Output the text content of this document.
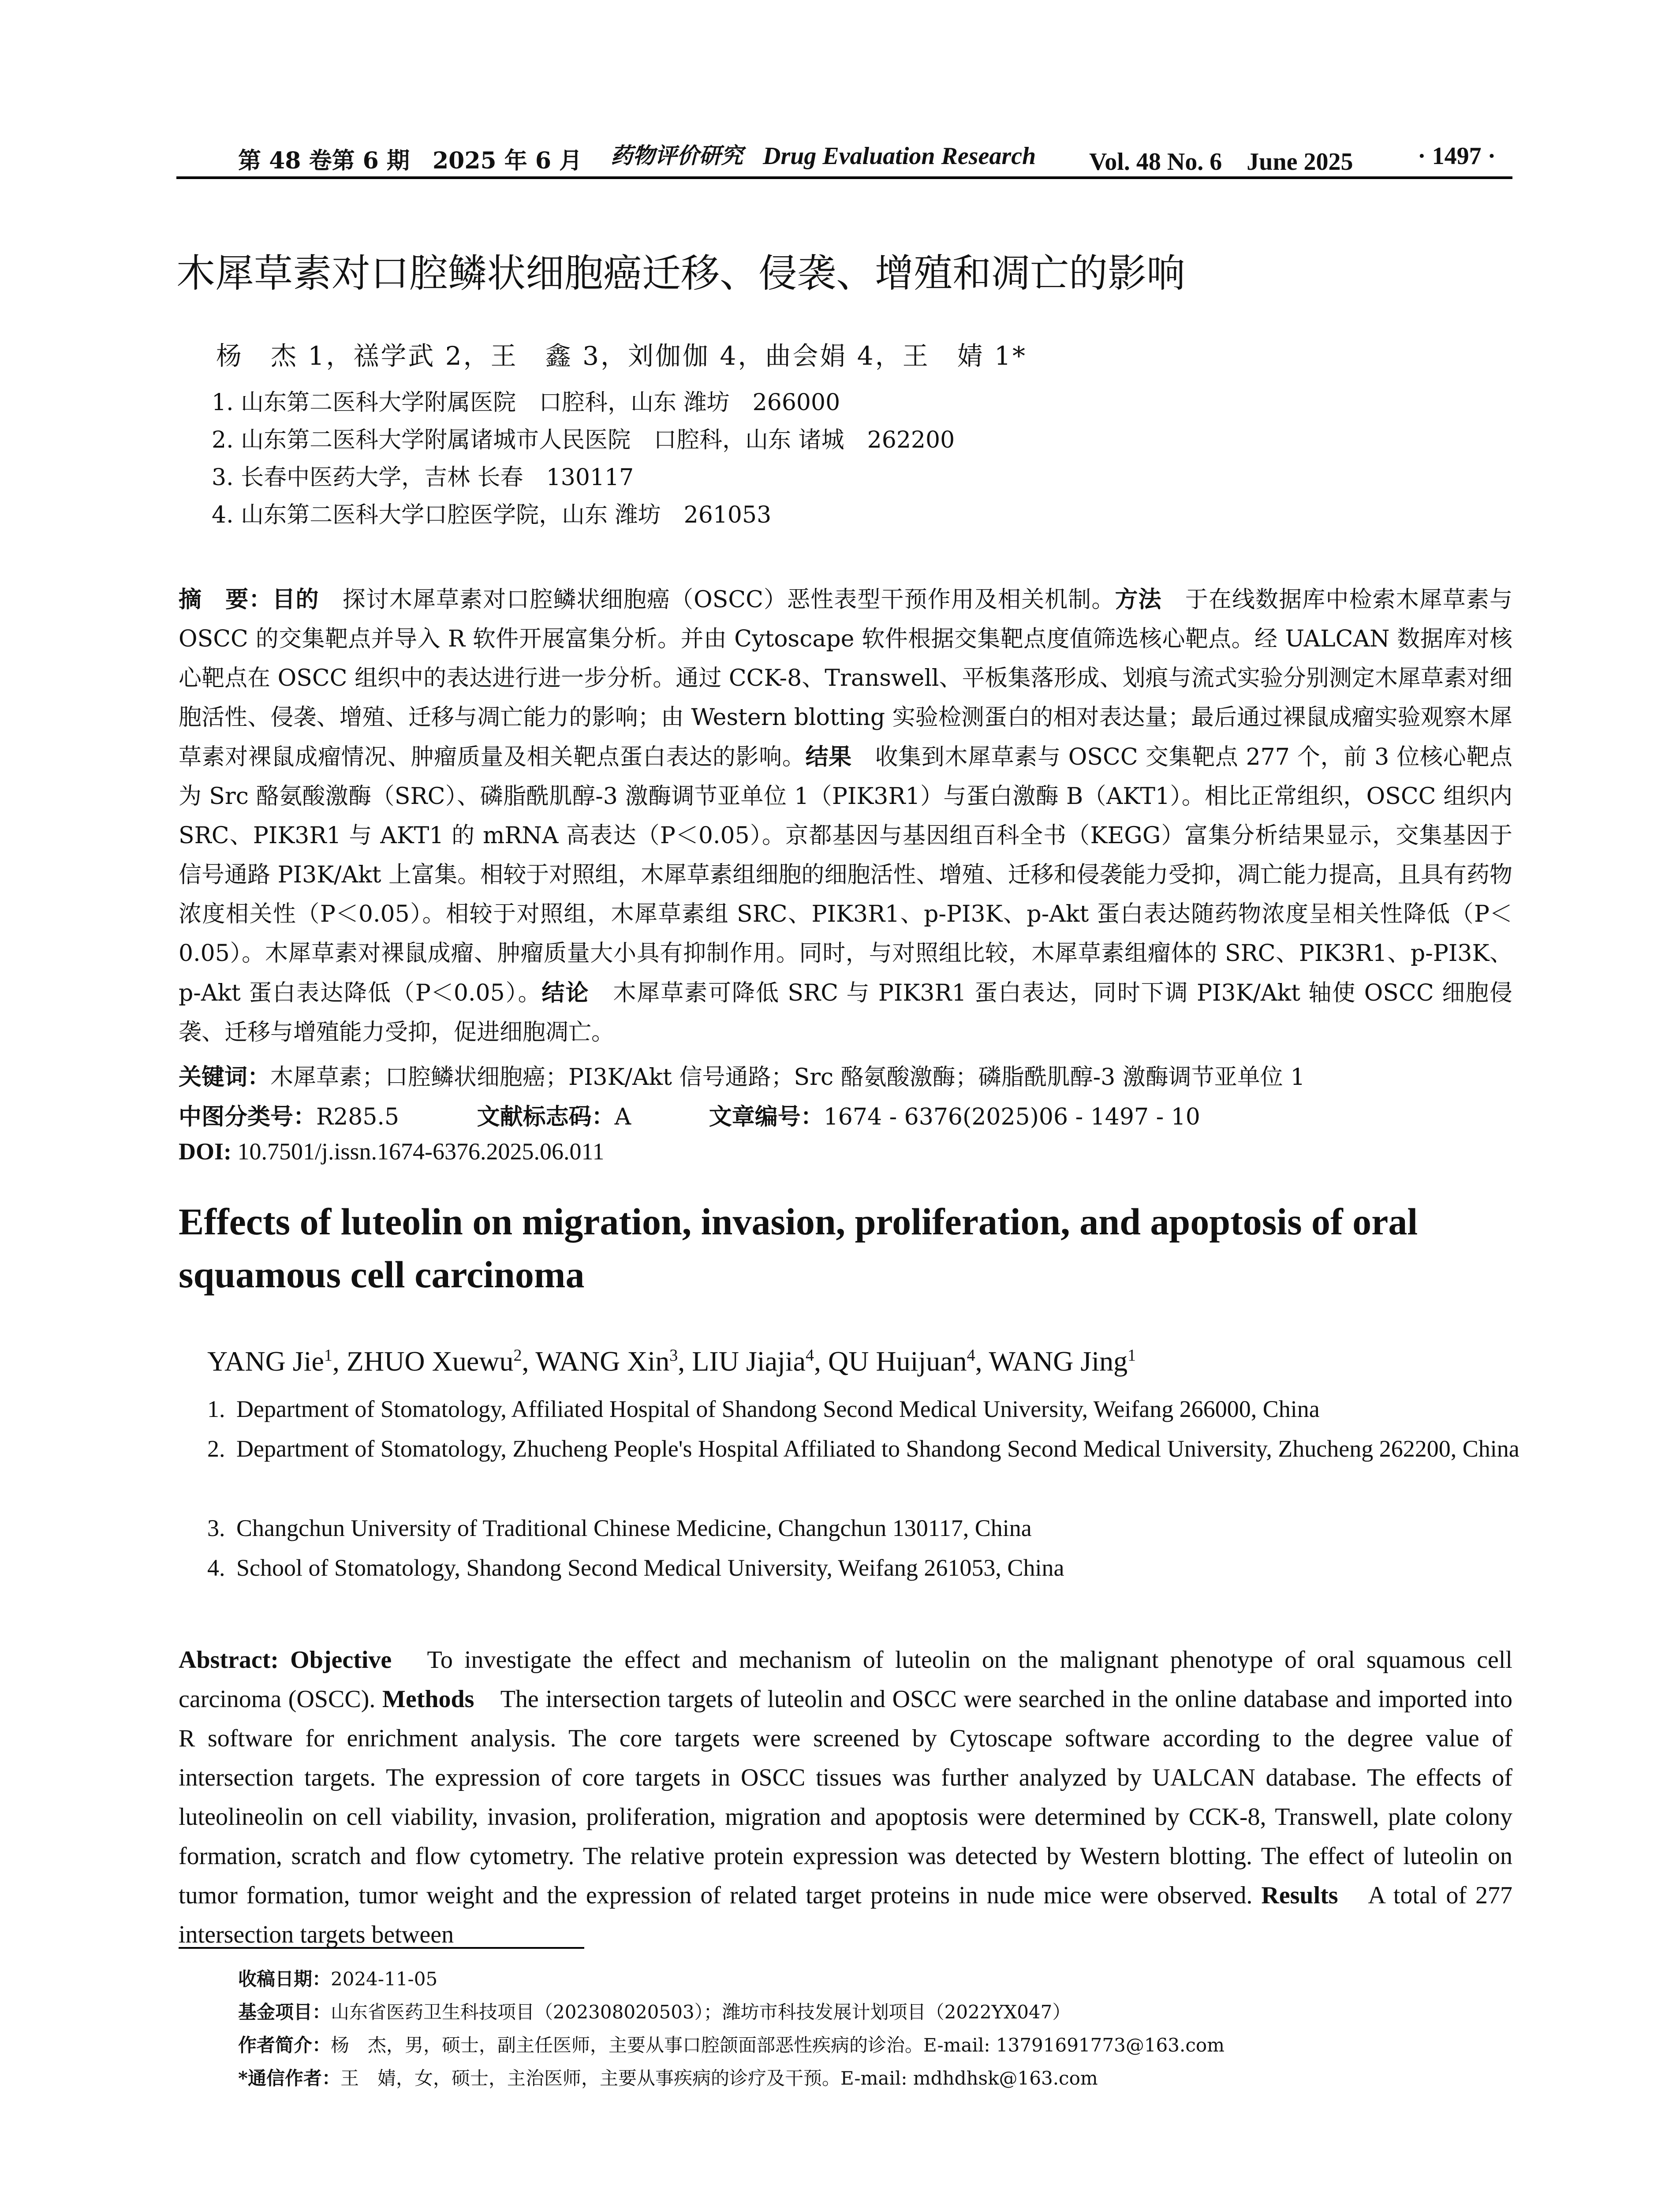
第 48 卷第 6 期　2025 年 6 月 药物评价研究 Drug Evaluation Research Vol. 48 No. 6　June 2025	· 1497 ·
木犀草素对口腔鳞状细胞癌迁移、侵袭、增殖和凋亡的影响
杨　杰 1，禚学武 2，王　鑫 3，刘伽伽 4，曲会娟 4，王　婧 1*
1. 山东第二医科大学附属医院　口腔科，山东 潍坊　266000
2. 山东第二医科大学附属诸城市人民医院　口腔科，山东 诸城　262200
3. 长春中医药大学，吉林 长春　130117
4. 山东第二医科大学口腔医学院，山东 潍坊　261053
摘　要：目的　探讨木犀草素对口腔鳞状细胞癌（OSCC）恶性表型干预作用及相关机制。方法　于在线数据库中检索木犀草素与 OSCC 的交集靶点并导入 R 软件开展富集分析。并由 Cytoscape 软件根据交集靶点度值筛选核心靶点。经 UALCAN 数据库对核心靶点在 OSCC 组织中的表达进行进一步分析。通过 CCK-8、Transwell、平板集落形成、划痕与流式实验分别测定木犀草素对细胞活性、侵袭、增殖、迁移与凋亡能力的影响；由 Western blotting 实验检测蛋白的相对表达量；最后通过裸鼠成瘤实验观察木犀草素对裸鼠成瘤情况、肿瘤质量及相关靶点蛋白表达的影响。结果　收集到木犀草素与 OSCC 交集靶点 277 个，前 3 位核心靶点为 Src 酪氨酸激酶（SRC）、磷脂酰肌醇-3 激酶调节亚单位 1（PIK3R1）与蛋白激酶 B（AKT1）。相比正常组织，OSCC 组织内 SRC、PIK3R1 与 AKT1 的 mRNA 高表达（P＜0.05）。京都基因与基因组百科全书（KEGG）富集分析结果显示，交集基因于信号通路 PI3K/Akt 上富集。相较于对照组，木犀草素组细胞的细胞活性、增殖、迁移和侵袭能力受抑，凋亡能力提高，且具有药物浓度相关性（P＜0.05）。相较于对照组，木犀草素组 SRC、PIK3R1、p-PI3K、p-Akt 蛋白表达随药物浓度呈相关性降低（P＜0.05）。木犀草素对裸鼠成瘤、肿瘤质量大小具有抑制作用。同时，与对照组比较，木犀草素组瘤体的 SRC、PIK3R1、p-PI3K、p-Akt 蛋白表达降低（P＜0.05）。结论　木犀草素可降低 SRC 与 PIK3R1 蛋白表达，同时下调 PI3K/Akt 轴使 OSCC 细胞侵袭、迁移与增殖能力受抑，促进细胞凋亡。
关键词：木犀草素；口腔鳞状细胞癌；PI3K/Akt 信号通路；Src 酪氨酸激酶；磷脂酰肌醇-3 激酶调节亚单位 1
中图分类号：R285.5	文献标志码：A	文章编号：1674 - 6376(2025)06 - 1497 - 10
DOI: 10.7501/j.issn.1674-6376.2025.06.011
Effects of luteolin on migration, invasion, proliferation, and apoptosis of oral squamous cell carcinoma
YANG Jie$^1$, ZHUO Xuewu$^2$, WANG Xin$^3$, LIU Jiajia$^4$, QU Huijuan$^4$, WANG Jing$^1$
1. Department of Stomatology, Affiliated Hospital of Shandong Second Medical University, Weifang 266000, China
2. Department of Stomatology, Zhucheng People's Hospital Affiliated to Shandong Second Medical University, Zhucheng 262200, China
3. Changchun University of Traditional Chinese Medicine, Changchun 130117, China
4. School of Stomatology, Shandong Second Medical University, Weifang 261053, China
Abstract: Objective　To investigate the effect and mechanism of luteolin on the malignant phenotype of oral squamous cell carcinoma (OSCC). Methods　The intersection targets of luteolin and OSCC were searched in the online database and imported into R software for enrichment analysis. The core targets were screened by Cytoscape software according to the degree value of intersection targets. The expression of core targets in OSCC tissues was further analyzed by UALCAN database. The effects of luteolineolin on cell viability, invasion, proliferation, migration and apoptosis were determined by CCK-8, Transwell, plate colony formation, scratch and flow cytometry. The relative protein expression was detected by Western blotting. The effect of luteolin on tumor formation, tumor weight and the expression of related target proteins in nude mice were observed. Results　A total of 277 intersection targets between
收稿日期：2024-11-05
基金项目：山东省医药卫生科技项目（202308020503）；潍坊市科技发展计划项目（2022YX047）
作者简介：杨　杰，男，硕士，副主任医师，主要从事口腔颌面部恶性疾病的诊治。E-mail: 13791691773@163.com
*通信作者：王　婧，女，硕士，主治医师，主要从事疾病的诊疗及干预。E-mail: mdhdhsk@163.com
